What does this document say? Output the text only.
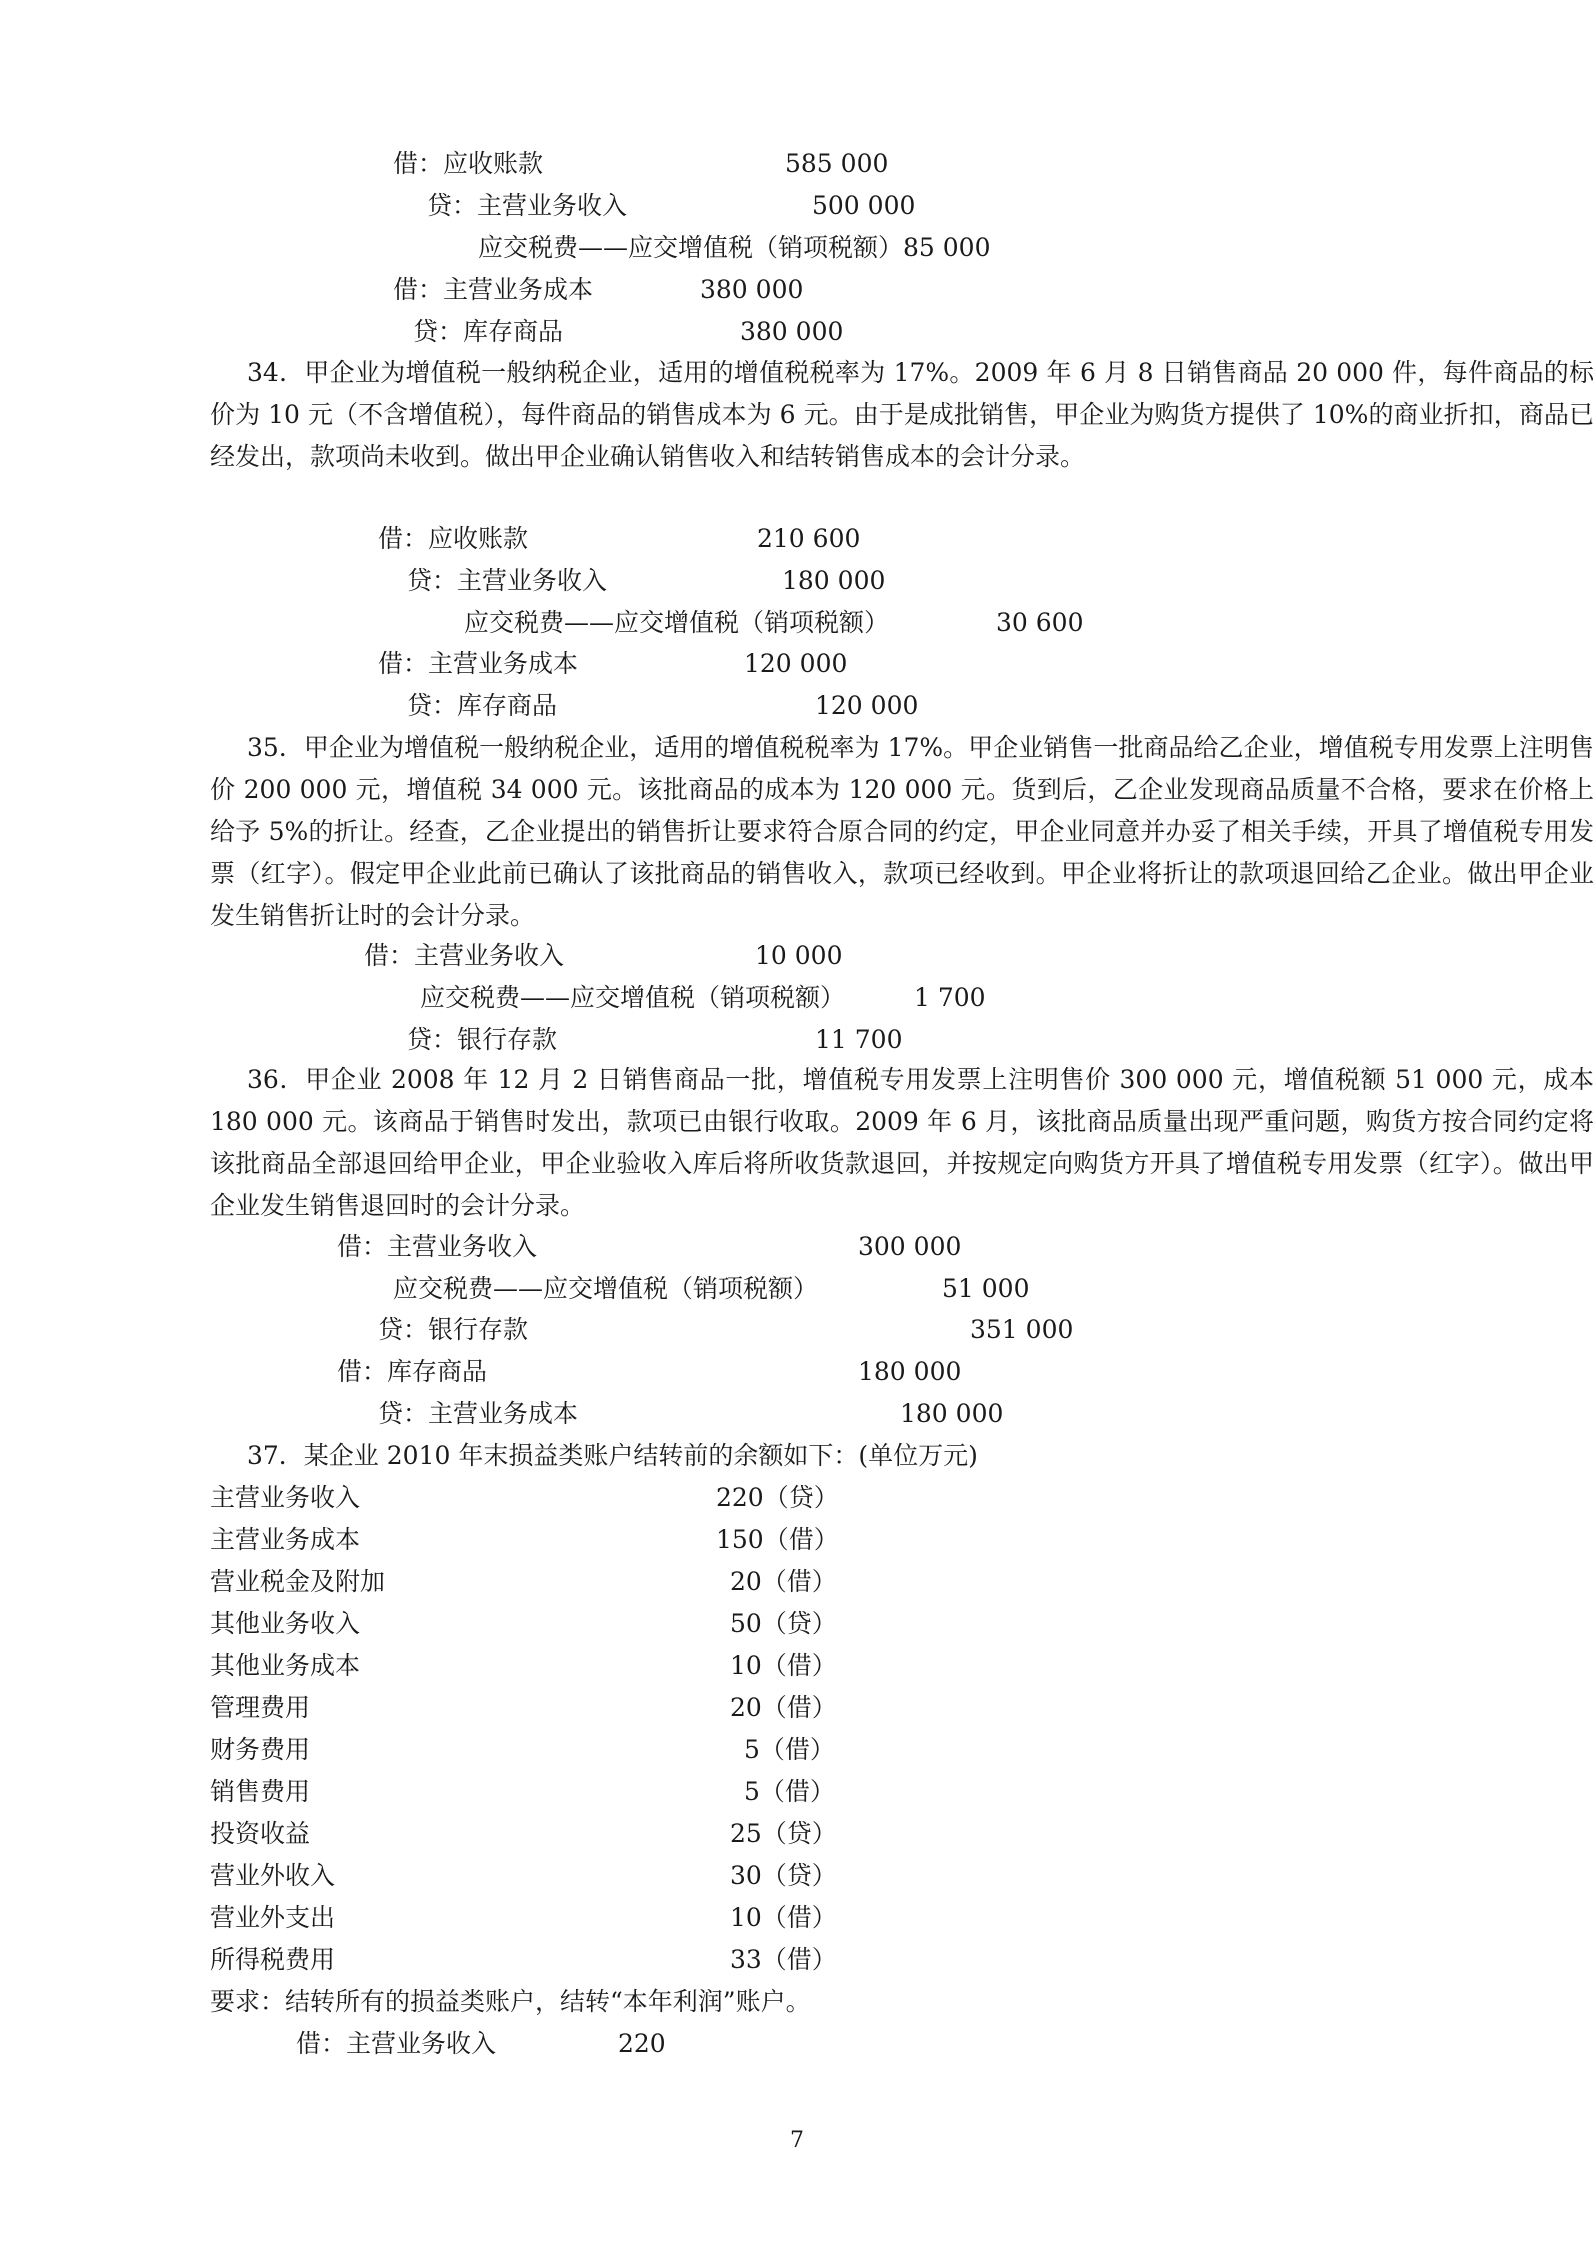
借：应收账款	585 000
贷：主营业务收入	500 000
应交税费——应交增值税（销项税额）85 000
借：主营业务成本	380 000
贷：库存商品	380 000
34．甲企业为增值税一般纳税企业，适用的增值税税率为 17%。2009 年 6 月 8 日销售商品 20 000 件，每件商品的标价为 10 元（不含增值税），每件商品的销售成本为 6 元。由于是成批销售，甲企业为购货方提供了 10%的商业折扣，商品已经发出，款项尚未收到。做出甲企业确认销售收入和结转销售成本的会计分录。
借：应收账款	210 600
贷：主营业务收入	180 000
应交税费——应交增值税（销项税额）	30 600
借：主营业务成本	120 000
贷：库存商品	120 000
35．甲企业为增值税一般纳税企业，适用的增值税税率为 17%。甲企业销售一批商品给乙企业，增值税专用发票上注明售价 200 000 元，增值税 34 000 元。该批商品的成本为 120 000 元。货到后，乙企业发现商品质量不合格，要求在价格上给予 5%的折让。经查，乙企业提出的销售折让要求符合原合同的约定，甲企业同意并办妥了相关手续，开具了增值税专用发票（红字）。假定甲企业此前已确认了该批商品的销售收入，款项已经收到。甲企业将折让的款项退回给乙企业。做出甲企业发生销售折让时的会计分录。
借：主营业务收入	10 000
应交税费——应交增值税（销项税额）	1 700
贷：银行存款	11 700
36．甲企业 2008 年 12 月 2 日销售商品一批，增值税专用发票上注明售价 300 000 元，增值税额 51 000 元，成本 180 000 元。该商品于销售时发出，款项已由银行收取。2009 年 6 月，该批商品质量出现严重问题，购货方按合同约定将该批商品全部退回给甲企业，甲企业验收入库后将所收货款退回，并按规定向购货方开具了增值税专用发票（红字）。做出甲企业发生销售退回时的会计分录。
借：主营业务收入	300 000
应交税费——应交增值税（销项税额）	51 000
贷：银行存款	351 000
借：库存商品	180 000
贷：主营业务成本	180 000
37．某企业 2010 年末损益类账户结转前的余额如下：(单位万元)
主营业务收入	220（贷）
主营业务成本	150（借）
营业税金及附加	20（借）
其他业务收入	50（贷）
其他业务成本	10（借）
管理费用	20（借）
财务费用	5（借）
销售费用	5（借）
投资收益	25（贷）
营业外收入	30（贷）
营业外支出	10（借）
所得税费用	33（借）
要求：结转所有的损益类账户，结转“本年利润”账户。
借：主营业务收入	220
7
